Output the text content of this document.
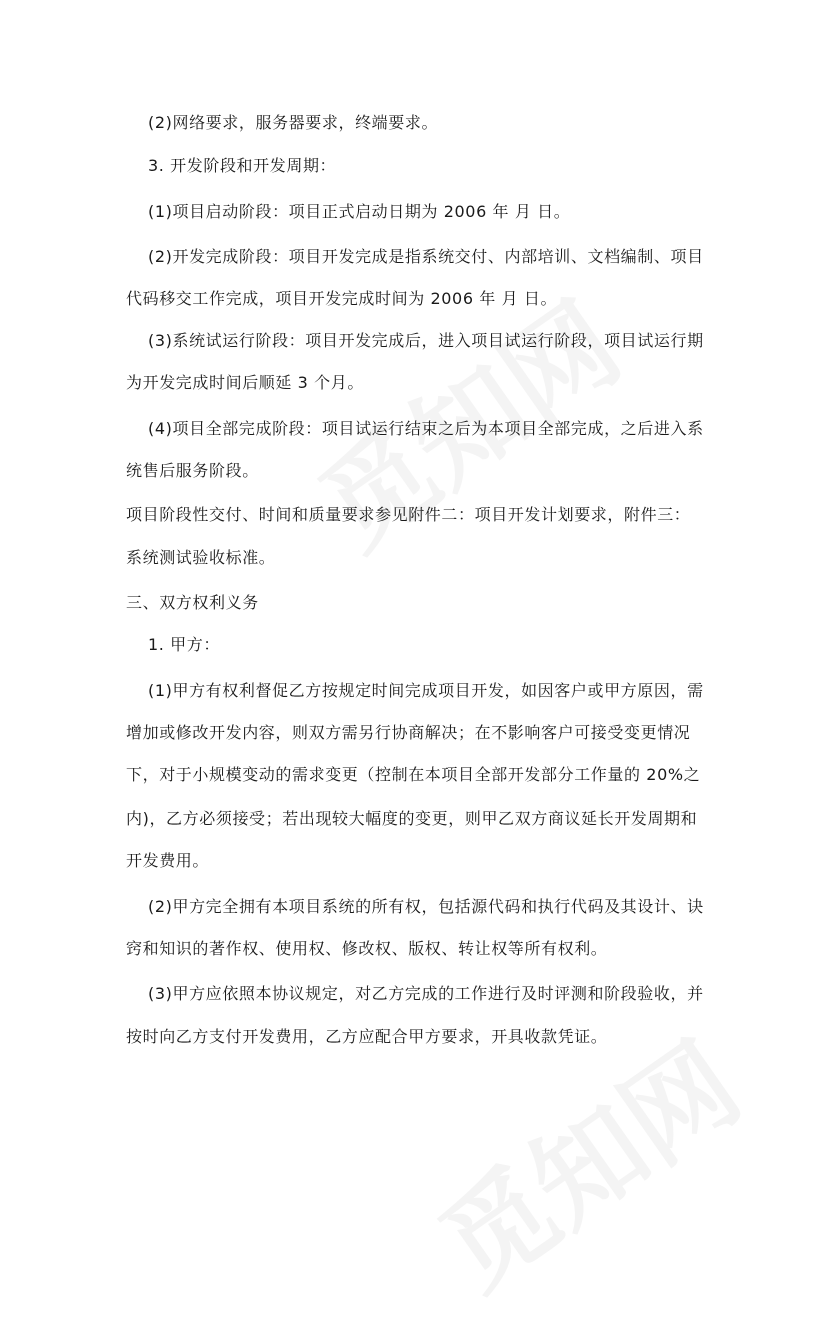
(2)网络要求，服务器要求，终端要求。
3. 开发阶段和开发周期：
(1)项目启动阶段：项目正式启动日期为 2006 年 月 日。
(2)开发完成阶段：项目开发完成是指系统交付、内部培训、文档编制、项目
代码移交工作完成，项目开发完成时间为 2006 年 月 日。
(3)系统试运行阶段：项目开发完成后，进入项目试运行阶段，项目试运行期
为开发完成时间后顺延 3 个月。
(4)项目全部完成阶段：项目试运行结束之后为本项目全部完成，之后进入系
统售后服务阶段。
项目阶段性交付、时间和质量要求参见附件二：项目开发计划要求，附件三：
系统测试验收标准。
三、双方权利义务
1. 甲方：
(1)甲方有权利督促乙方按规定时间完成项目开发，如因客户或甲方原因，需
增加或修改开发内容，则双方需另行协商解决；在不影响客户可接受变更情况
下，对于小规模变动的需求变更（控制在本项目全部开发部分工作量的 20%之
内)，乙方必须接受；若出现较大幅度的变更，则甲乙双方商议延长开发周期和
开发费用。
(2)甲方完全拥有本项目系统的所有权，包括源代码和执行代码及其设计、诀
窍和知识的著作权、使用权、修改权、版权、转让权等所有权利。
(3)甲方应依照本协议规定，对乙方完成的工作进行及时评测和阶段验收，并
按时向乙方支付开发费用，乙方应配合甲方要求，开具收款凭证。
